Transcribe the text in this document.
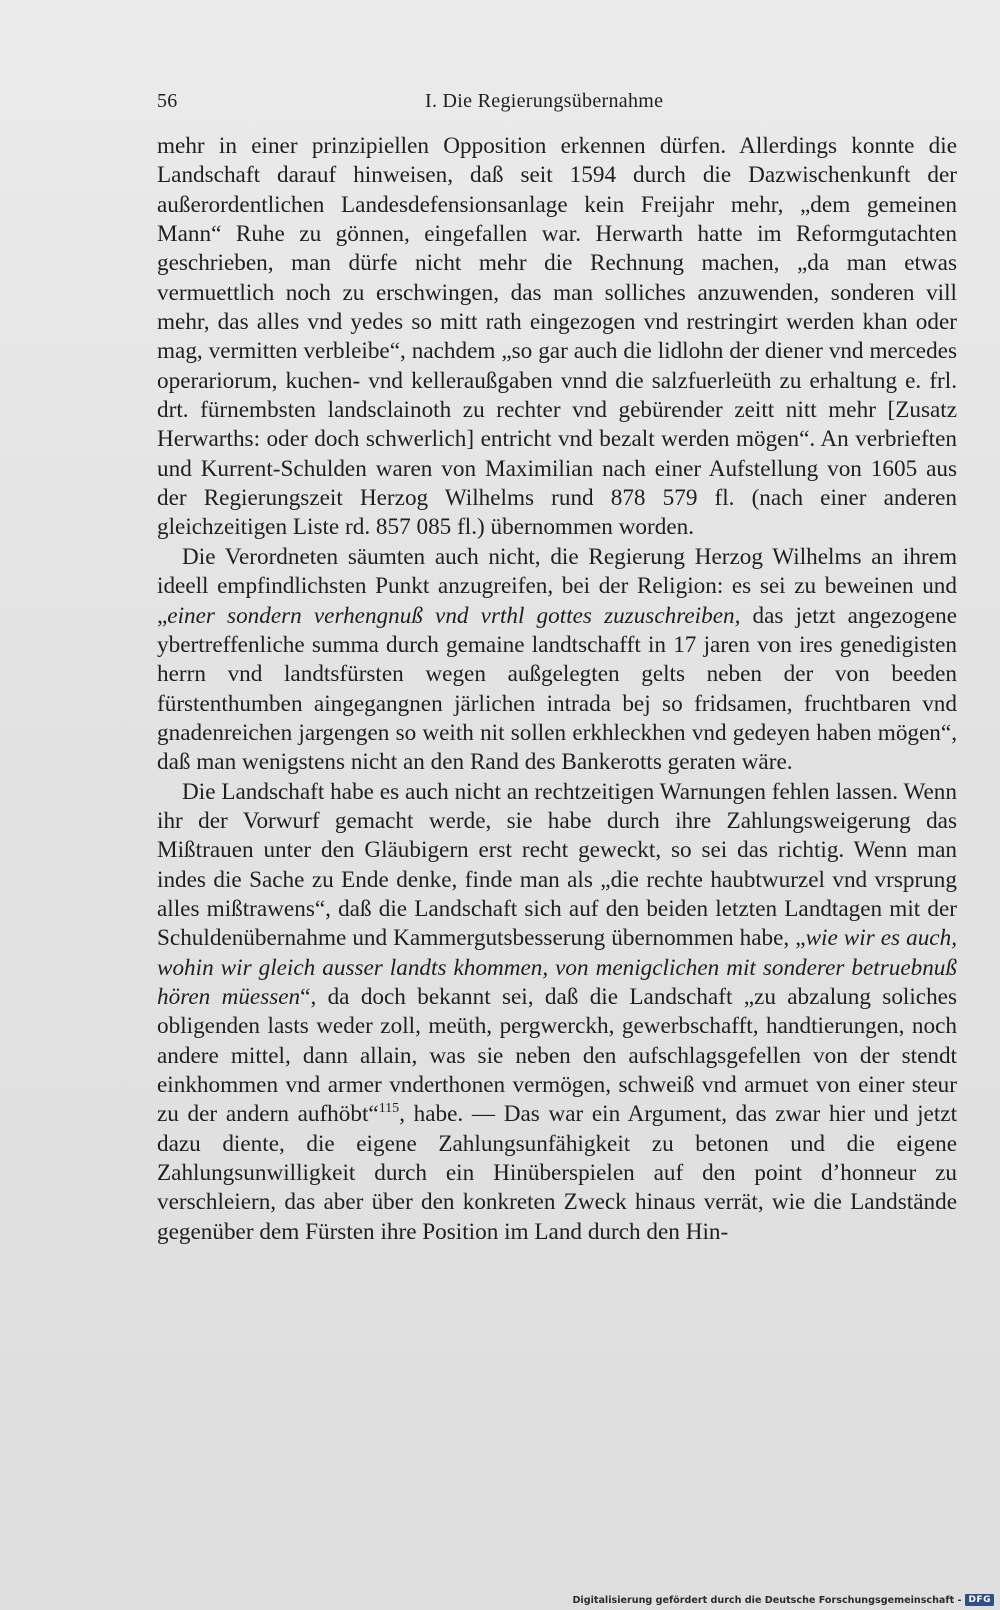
56	I. Die Regierungsübernahme

mehr in einer prinzipiellen Opposition erkennen dürfen. Allerdings konnte die Landschaft darauf hinweisen, daß seit 1594 durch die Dazwischenkunft der außerordentlichen Landesdefensionsanlage kein Freijahr mehr, „dem gemeinen Mann“ Ruhe zu gönnen, eingefallen war. Herwarth hatte im Reformgutachten geschrieben, man dürfe nicht mehr die Rechnung machen, „da man etwas vermuettlich noch zu erschwingen, das man solliches anzuwenden, sonderen vill mehr, das alles vnd yedes so mitt rath eingezogen vnd restringirt werden khan oder mag, vermitten verbleibe“, nachdem „so gar auch die lidlohn der diener vnd mercedes operariorum, kuchen- vnd kelleraußgaben vnnd die salzfuerleüth zu erhaltung e. frl. drt. fürnembsten landsclainoth zu rechter vnd gebürender zeitt nitt mehr [Zusatz Herwarths: oder doch schwerlich] entricht vnd bezalt werden mögen“. An verbrieften und Kurrent-Schulden waren von Maximilian nach einer Aufstellung von 1605 aus der Regierungszeit Herzog Wilhelms rund 878 579 fl. (nach einer anderen gleichzeitigen Liste rd. 857 085 fl.) übernommen worden.

Die Verordneten säumten auch nicht, die Regierung Herzog Wilhelms an ihrem ideell empfindlichsten Punkt anzugreifen, bei der Religion: es sei zu beweinen und „einer sondern verhengnuß vnd vrthl gottes zuzuschreiben, das jetzt angezogene ybertreffenliche summa durch gemaine landtschafft in 17 jaren von ires genedigisten herrn vnd landtsfürsten wegen außgelegten gelts neben der von beeden fürstenthumben aingegangnen järlichen intrada bej so fridsamen, fruchtbaren vnd gnadenreichen jargengen so weith nit sollen erkhleckhen vnd gedeyen haben mögen“, daß man wenigstens nicht an den Rand des Bankerotts geraten wäre.

Die Landschaft habe es auch nicht an rechtzeitigen Warnungen fehlen lassen. Wenn ihr der Vorwurf gemacht werde, sie habe durch ihre Zahlungsweigerung das Mißtrauen unter den Gläubigern erst recht geweckt, so sei das richtig. Wenn man indes die Sache zu Ende denke, finde man als „die rechte haubtwurzel vnd vrsprung alles mißtrawens“, daß die Landschaft sich auf den beiden letzten Landtagen mit der Schuldenübernahme und Kammergutsbesserung übernommen habe, „wie wir es auch, wohin wir gleich ausser landts khommen, von menigclichen mit sonderer betruebnuß hören müessen“, da doch bekannt sei, daß die Landschaft „zu abzalung soliches obligenden lasts weder zoll, meüth, pergwerckh, gewerbschafft, handtierungen, noch andere mittel, dann allain, was sie neben den aufschlagsgefellen von der stendt einkhommen vnd armer vnderthonen vermögen, schweiß vnd armuet von einer steur zu der andern aufhöbt“$^{115}$, habe. — Das war ein Argument, das zwar hier und jetzt dazu diente, die eigene Zahlungsunfähigkeit zu betonen und die eigene Zahlungsunwilligkeit durch ein Hinüberspielen auf den point d’honneur zu verschleiern, das aber über den konkreten Zweck hinaus verrät, wie die Landstände gegenüber dem Fürsten ihre Position im Land durch den Hin-

Digitalisierung gefördert durch die Deutsche Forschungsgemeinschaft - DFG
